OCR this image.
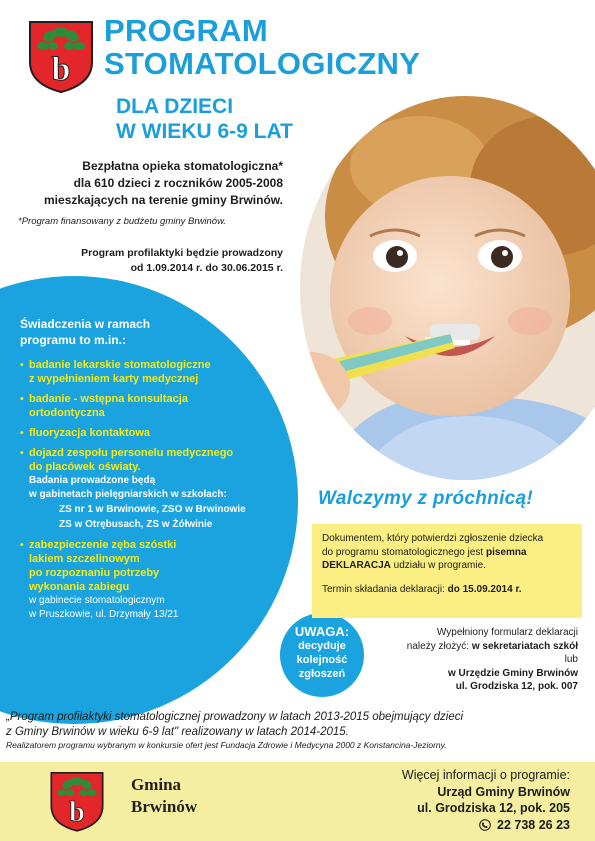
b
PROGRAM
STOMATOLOGICZNY
DLA DZIECI
W WIEKU 6-9 LAT
Bezpłatna opieka stomatologiczna*
dla 610 dzieci z roczników 2005-2008
mieszkających na terenie gminy Brwinów.
*Program finansowany z budżetu gminy Brwinów.
Program profilaktyki będzie prowadzony
od 1.09.2014 r. do 30.06.2015 r.
Świadczenia w ramach
programu to m.in.:
• badanie lekarskie stomatologiczne
z wypełnieniem karty medycznej
• badanie - wstępna konsultacja
ortodontyczna
• fluoryzacja kontaktowa
• dojazd zespołu personelu medycznego
do placówek oświaty.
Badania prowadzone będą
w gabinetach pielęgniarskich w szkołach:
ZS nr 1 w Brwinowie, ZSO w Brwinowie
ZS w Otrębusach, ZS w Żółwinie
• zabezpieczenie zęba szóstki
lakiem szczelinowym
po rozpoznaniu potrzeby
wykonania zabiegu
w gabinecie stomatologicznym
w Pruszkowie, ul. Drzymały 13/21
UWAGA:
decyduje
kolejność
zgłoszeń
Walczymy z próchnicą!
Dokumentem, który potwierdzi zgłoszenie dziecka
do programu stomatologicznego jest pisemna
DEKLARACJA udziału w programie.
Termin składania deklaracji: do 15.09.2014 r.
Wypełniony formularz deklaracji
należy złożyć: w sekretariatach szkół
lub
w Urzędzie Gminy Brwinów
ul. Grodziska 12, pok. 007
„Program profilaktyki stomatologicznej prowadzony w latach 2013-2015 obejmujący dzieci
z Gminy Brwinów w wieku 6-9 lat" realizowany w latach 2014-2015.
Realizatorem programu wybranym w konkursie ofert jest Fundacja Zdrowie i Medycyna 2000 z Konstancina-Jeziorny.
b
Gmina
Brwinów
Więcej informacji o programie:
Urząd Gminy Brwinów
ul. Grodziska 12, pok. 205
22 738 26 23
